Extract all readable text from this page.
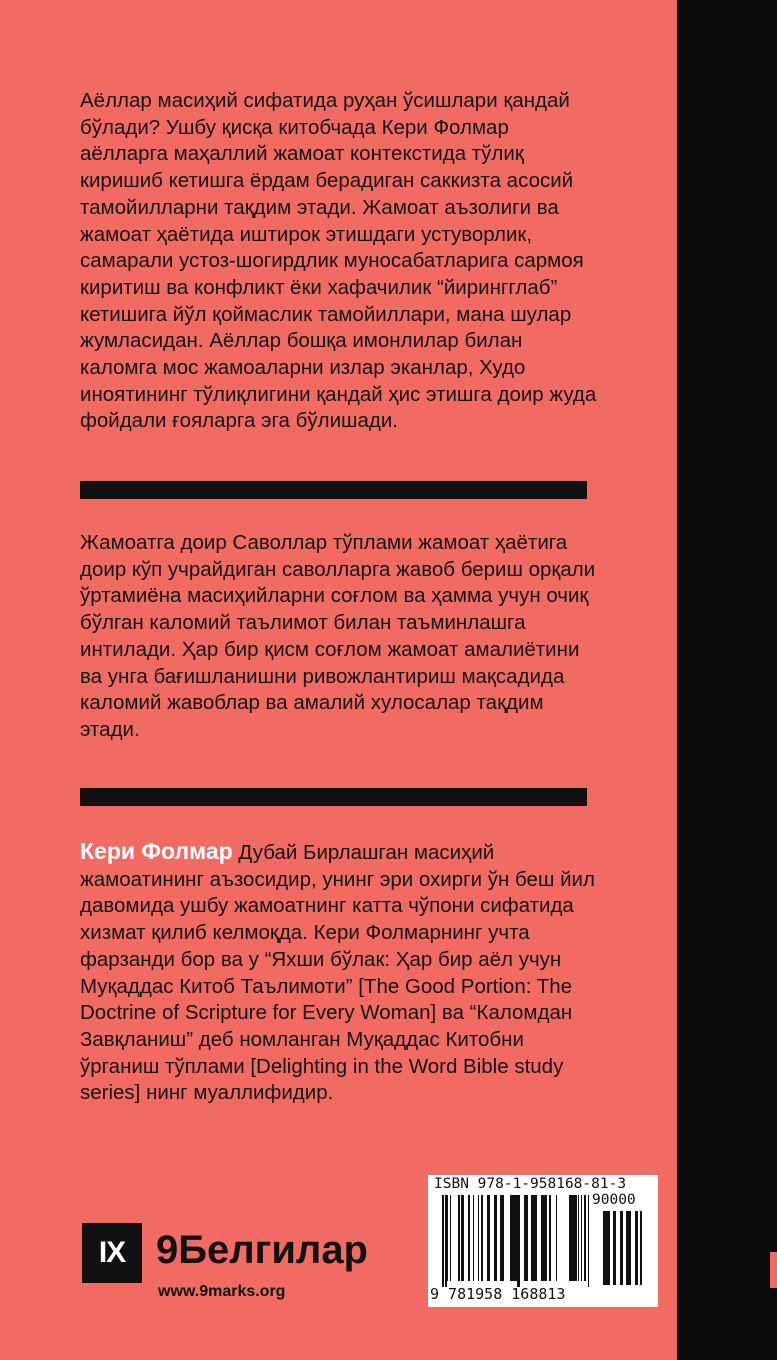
Аёллар масиҳий сифатида руҳан ўсишлари қандай бўлади? Ушбу қисқа китобчада Кери Фолмар аёлларга маҳаллий жамоат контекстида тўлиқ киришиб кетишга ёрдам берадиган саккизта асосий тамойилларни тақдим этади. Жамоат аъзолиги ва жамоат ҳаётида иштирок этишдаги устуворлик, самарали устоз-шогирдлик муносабатларига сармоя киритиш ва конфликт ёки хафачилик “йирингглаб” кетишига йўл қоймаслик тамойиллари, мана шулар жумласидан. Аёллар бошқа имонлилар билан каломга мос жамоаларни излар эканлар, Худо иноятининг тўлиқлигини қандай ҳис этишга доир жуда фойдали ғояларга эга бўлишади.

Жамоатга доир Саволлар тўплами жамоат ҳаётига доир кўп учрайдиган саволларга жавоб бериш орқали ўртамиёна масиҳийларни соғлом ва ҳамма учун очиқ бўлган каломий таълимот билан таъминлашга интилади. Ҳар бир қисм соғлом жамоат амалиётини ва унга бағишланишни ривожлантириш мақсадида каломий жавоблар ва амалий хулосалар тақдим этади.

Кери Фолмар Дубай Бирлашган масиҳий жамоатининг аъзосидир, унинг эри охирги ўн беш йил давомида ушбу жамоатнинг катта чўпони сифатида хизмат қилиб келмоқда. Кери Фолмарнинг учта фарзанди бор ва у “Яхши бўлак: Ҳар бир аёл учун Муқаддас Китоб Таълимоти” [The Good Portion: The Doctrine of Scripture for Every Woman] ва “Каломдан Завқланиш” деб номланган Муқаддас Китобни ўрганиш тўплами [Delighting in the Word Bible study series] нинг муаллифидир.

IX 9Белгилар
www.9marks.org
ISBN 978-1-958168-81-3
90000
9 781958 168813
